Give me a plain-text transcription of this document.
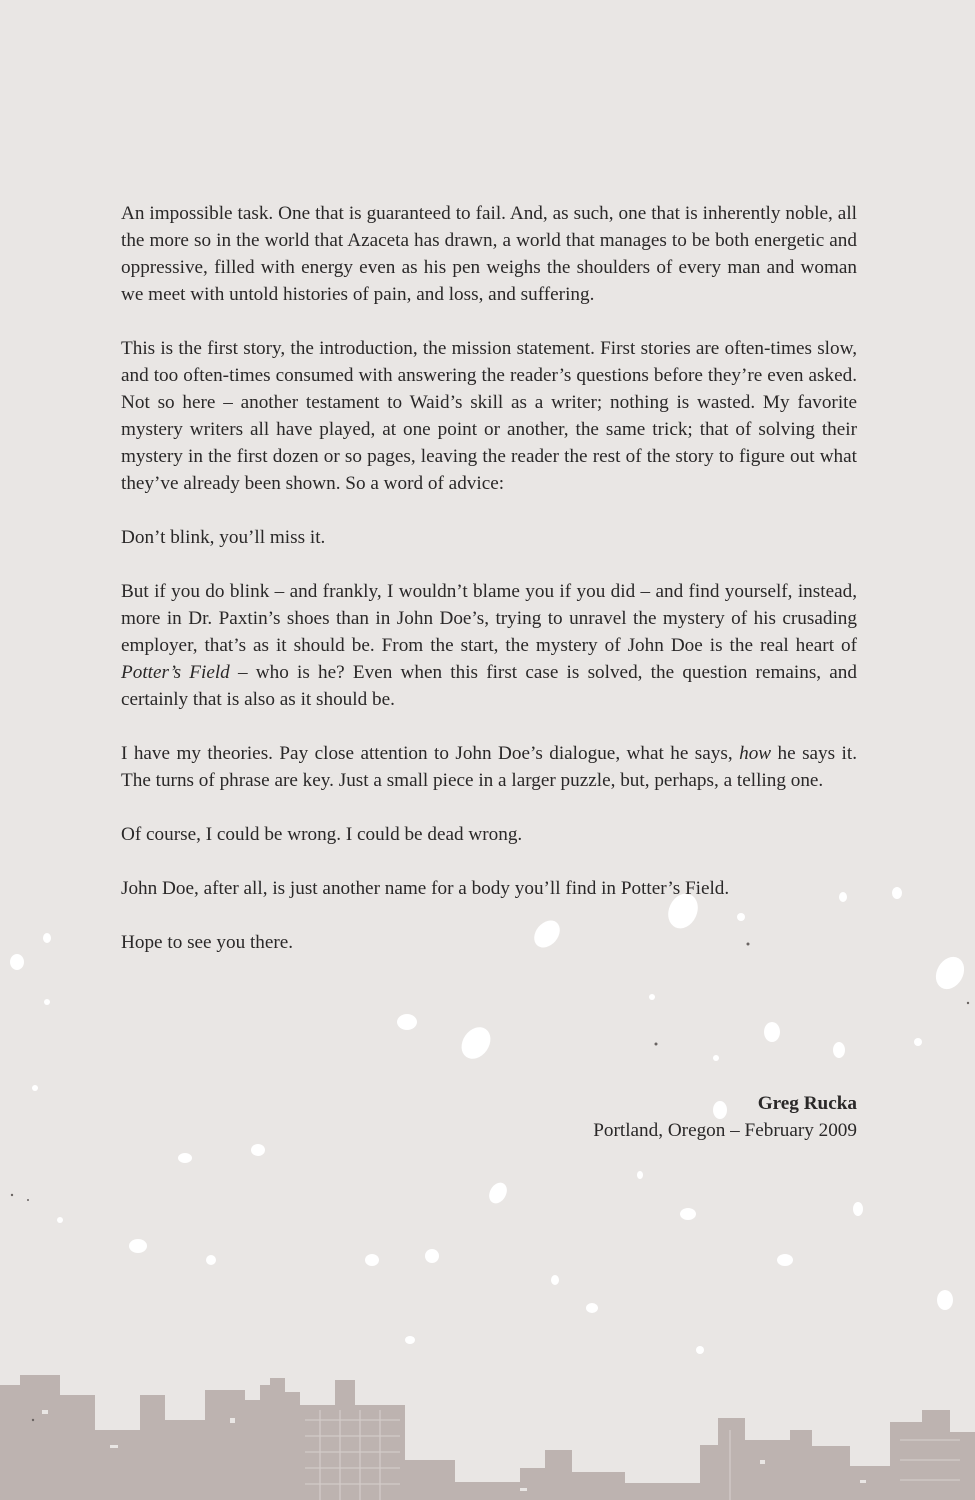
An impossible task. One that is guaranteed to fail. And, as such, one that is inherently noble, all the more so in the world that Azaceta has drawn, a world that manages to be both energetic and oppressive, filled with energy even as his pen weighs the shoulders of every man and woman we meet with untold histories of pain, and loss, and suffering.

This is the first story, the introduction, the mission statement. First stories are often-times slow, and too often-times consumed with answering the reader’s questions before they’re even asked. Not so here – another testament to Waid’s skill as a writer; nothing is wasted. My favorite mystery writers all have played, at one point or another, the same trick; that of solving their mystery in the first dozen or so pages, leaving the reader the rest of the story to figure out what they’ve already been shown. So a word of advice:

Don’t blink, you’ll miss it.

But if you do blink – and frankly, I wouldn’t blame you if you did – and find yourself, instead, more in Dr. Paxtin’s shoes than in John Doe’s, trying to unravel the mystery of his crusading employer, that’s as it should be. From the start, the mystery of John Doe is the real heart of Potter’s Field – who is he? Even when this first case is solved, the question remains, and certainly that is also as it should be.

I have my theories. Pay close attention to John Doe’s dialogue, what he says, how he says it. The turns of phrase are key. Just a small piece in a larger puzzle, but, perhaps, a telling one.

Of course, I could be wrong. I could be dead wrong.

John Doe, after all, is just another name for a body you’ll find in Potter’s Field.

Hope to see you there.

Greg Rucka
Portland, Oregon – February 2009
